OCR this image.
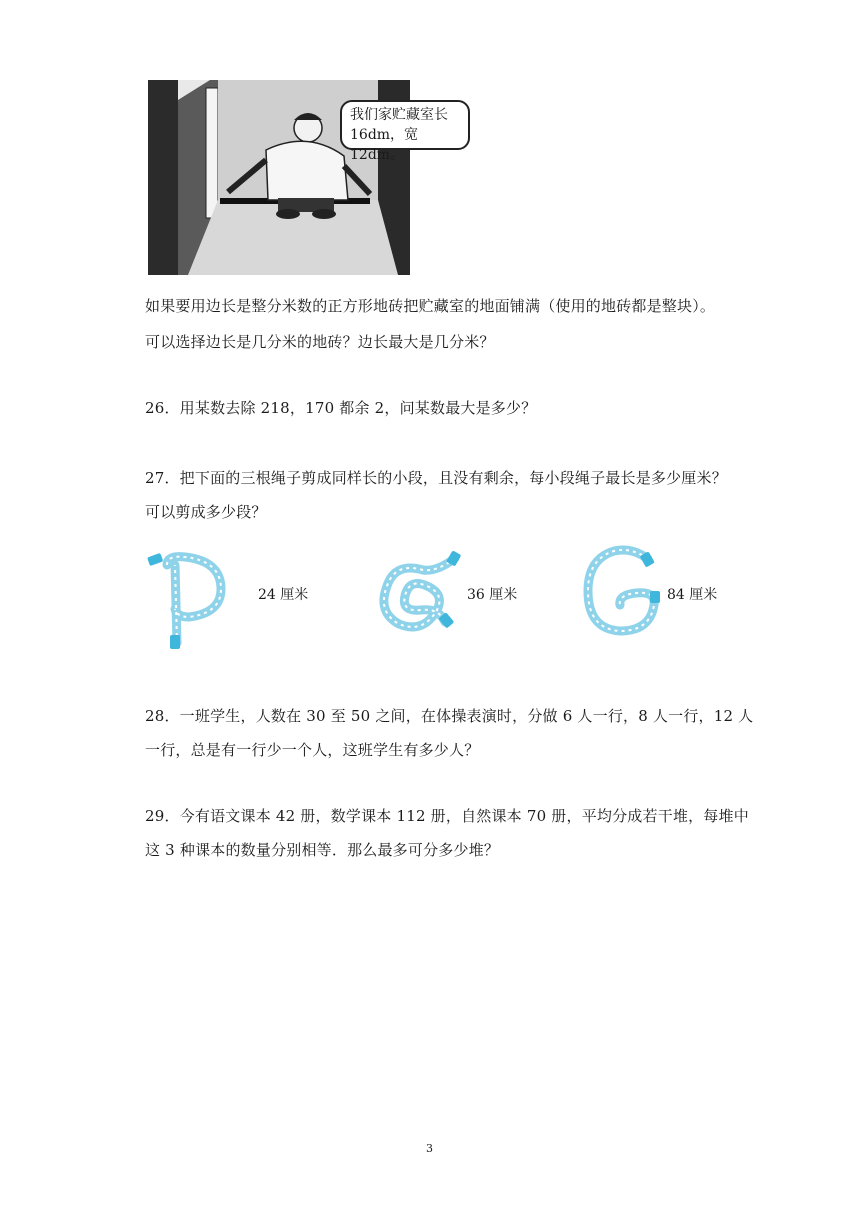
我们家贮藏室长
16dm，宽12dm。
如果要用边长是整分米数的正方形地砖把贮藏室的地面铺满（使用的地砖都是整块）。
可以选择边长是几分米的地砖？边长最大是几分米？
26．用某数去除 218，170 都余 2，问某数最大是多少？
27．把下面的三根绳子剪成同样长的小段，且没有剩余，每小段绳子最长是多少厘米？
可以剪成多少段？
24 厘米	36 厘米	84 厘米
28．一班学生，人数在 30 至 50 之间，在体操表演时，分做 6 人一行，8 人一行，12 人
一行，总是有一行少一个人，这班学生有多少人？
29．今有语文课本 42 册，数学课本 112 册，自然课本 70 册，平均分成若干堆，每堆中
这 3 种课本的数量分别相等．那么最多可分多少堆？
3
